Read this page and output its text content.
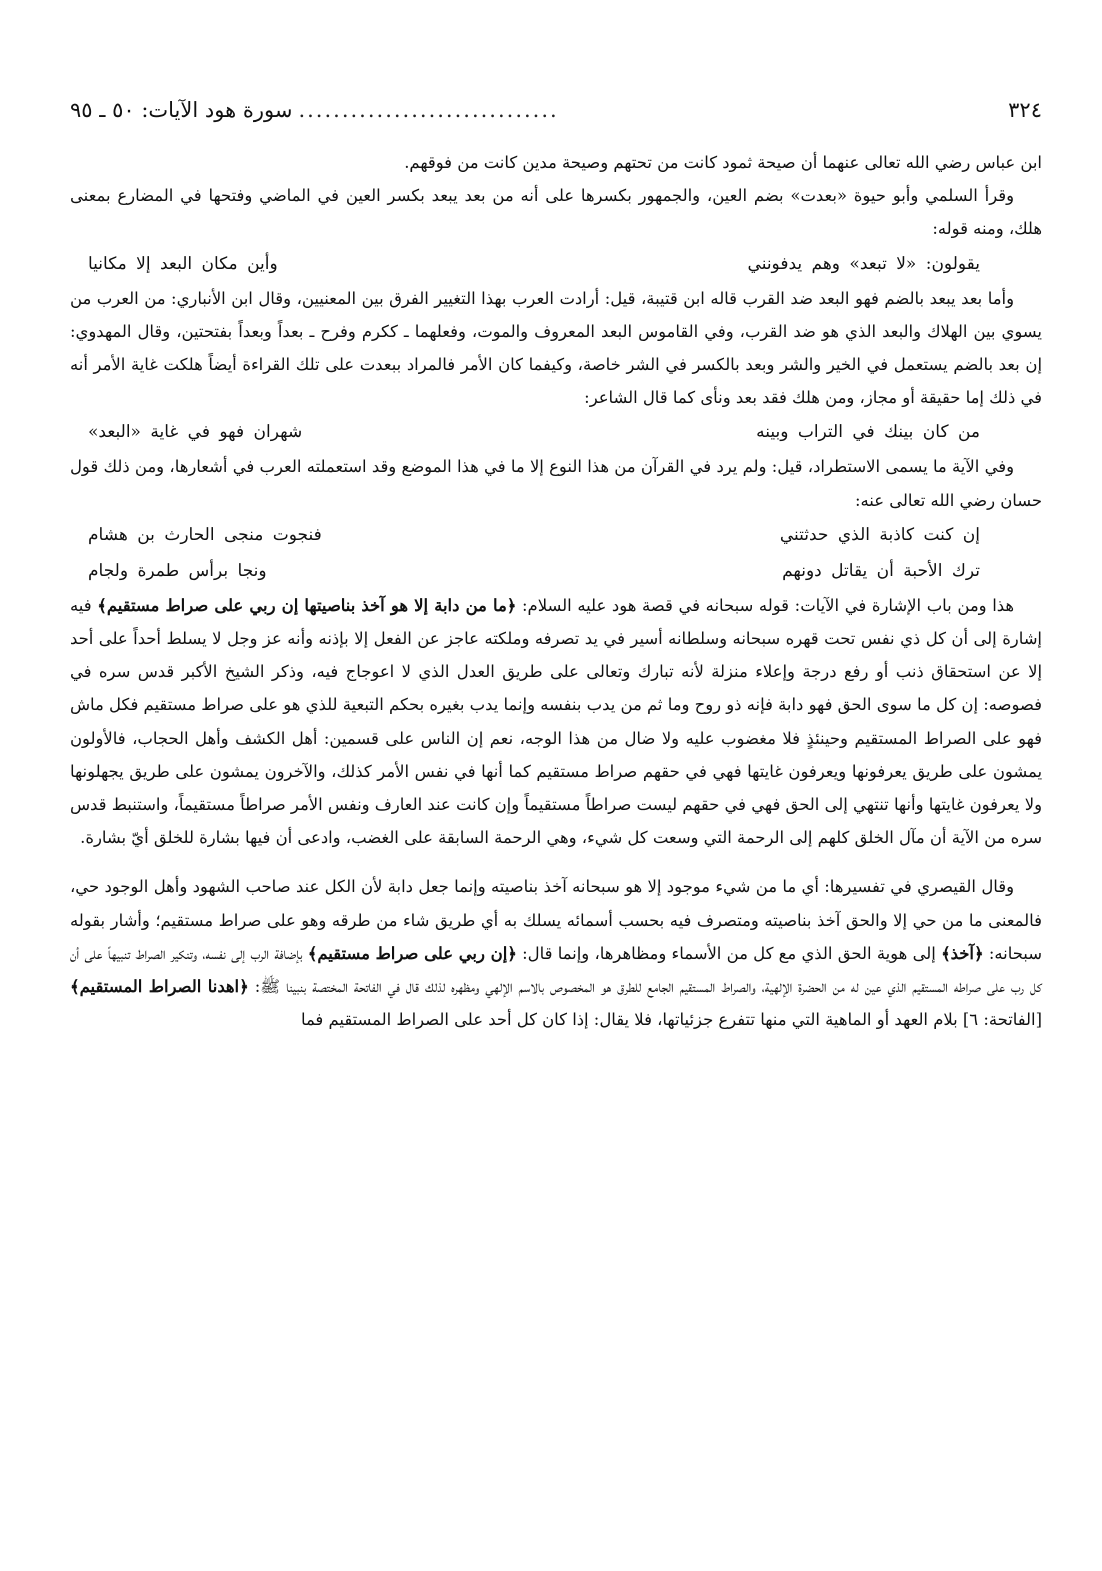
٣٢٤
..............................
سورة هود الآيات: ٥٠ ـ ٩٥

ابن عباس رضي الله تعالى عنهما أن صيحة ثمود كانت من تحتهم وصيحة مدين كانت من فوقهم.

وقرأ السلمي وأبو حيوة «بعدت» بضم العين، والجمهور بكسرها على أنه من بعد يبعد بكسر العين في الماضي وفتحها في المضارع بمعنى هلك، ومنه قوله:

يقولون: «لا تبعد» وهم يدفونني
وأين مكان البعد إلا مكانيا

وأما بعد يبعد بالضم فهو البعد ضد القرب قاله ابن قتيبة، قيل: أرادت العرب بهذا التغيير الفرق بين المعنيين، وقال ابن الأنباري: من العرب من يسوي بين الهلاك والبعد الذي هو ضد القرب، وفي القاموس البعد المعروف والموت، وفعلهما ـ ككرم وفرح ـ بعداً وبعداً بفتحتين، وقال المهدوي: إن بعد بالضم يستعمل في الخير والشر وبعد بالكسر في الشر خاصة، وكيفما كان الأمر فالمراد ببعدت على تلك القراءة أيضاً هلكت غاية الأمر أنه في ذلك إما حقيقة أو مجاز، ومن هلك فقد بعد ونأى كما قال الشاعر:

من كان بينك في التراب وبينه
شهران فهو في غاية «البعد»

وفي الآية ما يسمى الاستطراد، قيل: ولم يرد في القرآن من هذا النوع إلا ما في هذا الموضع وقد استعملته العرب في أشعارها، ومن ذلك قول حسان رضي الله تعالى عنه:

إن كنت كاذبة الذي حدثتني
فنجوت منجى الحارث بن هشام
ترك الأحبة أن يقاتل دونهم
ونجا برأس طمرة ولجام

هذا ومن باب الإشارة في الآيات: قوله سبحانه في قصة هود عليه السلام: ﴿ما من دابة إلا هو آخذ بناصيتها إن ربي على صراط مستقيم﴾ فيه إشارة إلى أن كل ذي نفس تحت قهره سبحانه وسلطانه أسير في يد تصرفه وملكته عاجز عن الفعل إلا بإذنه وأنه عز وجل لا يسلط أحداً على أحد إلا عن استحقاق ذنب أو رفع درجة وإعلاء منزلة لأنه تبارك وتعالى على طريق العدل الذي لا اعوجاج فيه، وذكر الشيخ الأكبر قدس سره في فصوصه: إن كل ما سوى الحق فهو دابة فإنه ذو روح وما ثم من يدب بنفسه وإنما يدب بغيره بحكم التبعية للذي هو على صراط مستقيم فكل ماش فهو على الصراط المستقيم وحينئذٍ فلا مغضوب عليه ولا ضال من هذا الوجه، نعم إن الناس على قسمين: أهل الكشف وأهل الحجاب، فالأولون يمشون على طريق يعرفونها ويعرفون غايتها فهي في حقهم صراط مستقيم كما أنها في نفس الأمر كذلك، والآخرون يمشون على طريق يجهلونها ولا يعرفون غايتها وأنها تنتهي إلى الحق فهي في حقهم ليست صراطاً مستقيماً وإن كانت عند العارف ونفس الأمر صراطاً مستقيماً، واستنبط قدس سره من الآية أن مآل الخلق كلهم إلى الرحمة التي وسعت كل شيء، وهي الرحمة السابقة على الغضب، وادعى أن فيها بشارة للخلق أيّ بشارة.

وقال القيصري في تفسيرها: أي ما من شيء موجود إلا هو سبحانه آخذ بناصيته وإنما جعل دابة لأن الكل عند صاحب الشهود وأهل الوجود حي، فالمعنى ما من حي إلا والحق آخذ بناصيته ومتصرف فيه بحسب أسمائه يسلك به أي طريق شاء من طرقه وهو على صراط مستقيم؛ وأشار بقوله سبحانه: ﴿آخذ﴾ إلى هوية الحق الذي مع كل من الأسماء ومظاهرها، وإنما قال: ﴿إن ربي على صراط مستقيم﴾ بإضافة الرب إلى نفسه، وتنكير الصراط تنبيهاً على أن كل رب على صراطه المستقيم الذي عين له من الحضرة الإلهية، والصراط المستقيم الجامع للطرق هو المخصوص بالاسم الإلهي ومظهره لذلك قال في الفاتحة المختصة بنبينا ﷺ: ﴿اهدنا الصراط المستقيم﴾ [الفاتحة: ٦] بلام العهد أو الماهية التي منها تتفرع جزئياتها، فلا يقال: إذا كان كل أحد على الصراط المستقيم فما
